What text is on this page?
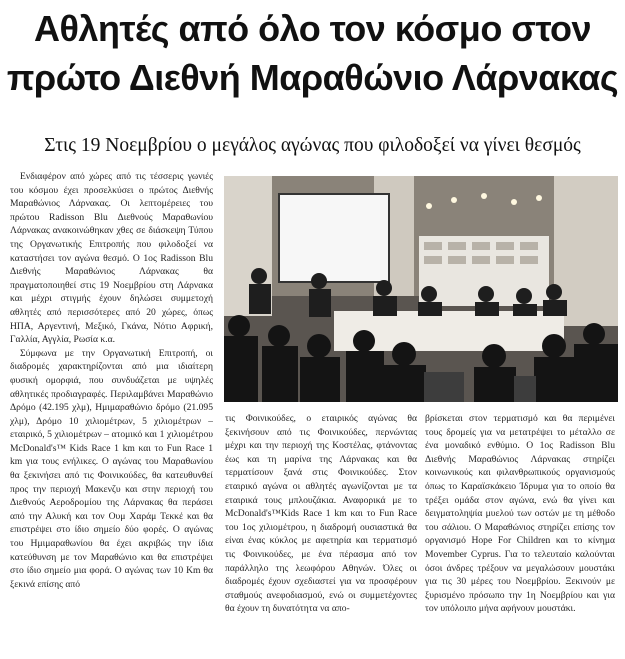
Αθλητές από όλο τον κόσμο στον
πρώτο Διεθνή Μαραθώνιο Λάρνακας
Στις 19 Νοεμβρίου ο μεγάλος αγώνας που φιλοδοξεί να γίνει θεσμός

Ενδιαφέρον από χώρες από τις τέσσερις γωνιές του κόσμου έχει προσελκύσει ο πρώτος Διεθνής Μαραθώνιος Λάρνακας. Οι λεπτομέρειες του πρώτου Radisson Blu Διεθνούς Μαραθωνίου Λάρνακας ανακοινώθηκαν χθες σε διάσκεψη Τύπου της Οργανωτικής Επιτροπής που φιλοδοξεί να καταστήσει τον αγώνα θεσμό. Ο 1ος Radisson Blu Διεθνής Μαραθώνιος Λάρνακας θα πραγματοποιηθεί στις 19 Νοεμβρίου στη Λάρνακα και μέχρι στιγμής έχουν δηλώσει συμμετοχή αθλητές από περισσότερες από 20 χώρες, όπως ΗΠΑ, Αργεντινή, Μεξικό, Γκάνα, Νότιο Αφρική, Γαλλία, Αγγλία, Ρωσία κ.α.

Σύμφωνα με την Οργανωτική Επιτροπή, οι διαδρομές χαρακτηρίζονται από μια ιδιαίτερη φυσική ομορφιά, που συνδυάζεται με υψηλές αθλητικές προδιαγραφές. Περιλαμβάνει Μαραθώνιο Δρόμο (42.195 χλμ), Ημιμαραθώνιο δρόμο (21.095 χλμ), Δρόμο 10 χιλιομέτρων, 5 χιλιομέτρων – εταιρικό, 5 χιλιομέτρων – ατομικό και 1 χιλιομέτρου McDonald's™ Kids Race 1 km και το Fun Race 1 km για τους ενήλικες. Ο αγώνας του Μαραθωνίου θα ξεκινήσει από τις Φοινικούδες, θα κατευθυνθεί προς την περιοχή Μακενζυ και στην περιοχή του Διεθνούς Αεροδρομίου της Λάρνακας θα περάσει από την Αλυκή και τον Ουμ Χαράμ Τεκκέ και θα επιστρέψει στο ίδιο σημείο δύο φορές. Ο αγώνας του Ημιμαραθωνίου θα έχει ακριβώς την ίδια κατεύθυνση με τον Μαραθώνιο και θα επιστρέψει στο ίδιο σημείο μια φορά. Ο αγώνας των 10 Km θα ξεκινά επίσης από

τις Φοινικούδες, ο εταιρικός αγώνας θα ξεκινήσουν από τις Φοινικούδες, περνώντας μέχρι και την περιοχή της Κοστέλας, φτάνοντας έως και τη μαρίνα της Λάρνακας και θα τερματίσουν ξανά στις Φοινικούδες. Στον εταιρικό αγώνα οι αθλητές αγωνίζονται με τα εταιρικά τους μπλουζάκια. Αναφορικά με το McDonald's™Kids Race 1 km και το Fun Race του 1ος χιλιομέτρου, η διαδρομή ουσιαστικά θα είναι ένας κύκλος με αφετηρία και τερματισμό τις Φοινικούδες, με ένα πέρασμα από τον παράλληλο της λεωφόρου Αθηνών. Όλες οι διαδρομές έχουν σχεδιαστεί για να προσφέρουν σταθμούς ανεφοδιασμού, ενώ οι συμμετέχοντες θα έχουν τη δυνατότητα να απο-

βρίσκεται στον τερματισμό και θα περιμένει τους δρομείς για να μετατρέψει το μέταλλο σε ένα μοναδικό ενθύμιο. Ο 1ος Radisson Blu Διεθνής Μαραθώνιος Λάρνακας στηρίζει κοινωνικούς και φιλανθρωπικούς οργανισμούς όπως το Καραϊσκάκειο Ίδρυμα για το οποίο θα τρέξει ομάδα στον αγώνα, ενώ θα γίνει και δειγματοληψία μυελού των οστών με τη μέθοδο του σάλιου. Ο Μαραθώνιος στηρίζει επίσης τον οργανισμό Hope For Children και το κίνημα Movember Cyprus. Για το τελευταίο καλούνται όσοι άνδρες τρέξουν να μεγαλώσουν μουστάκι για τις 30 μέρες του Νοεμβρίου. Ξεκινούν με ξυρισμένο πρόσωπο την 1η Νοεμβρίου και για τον υπόλοιπο μήνα αφήνουν μουστάκι.
